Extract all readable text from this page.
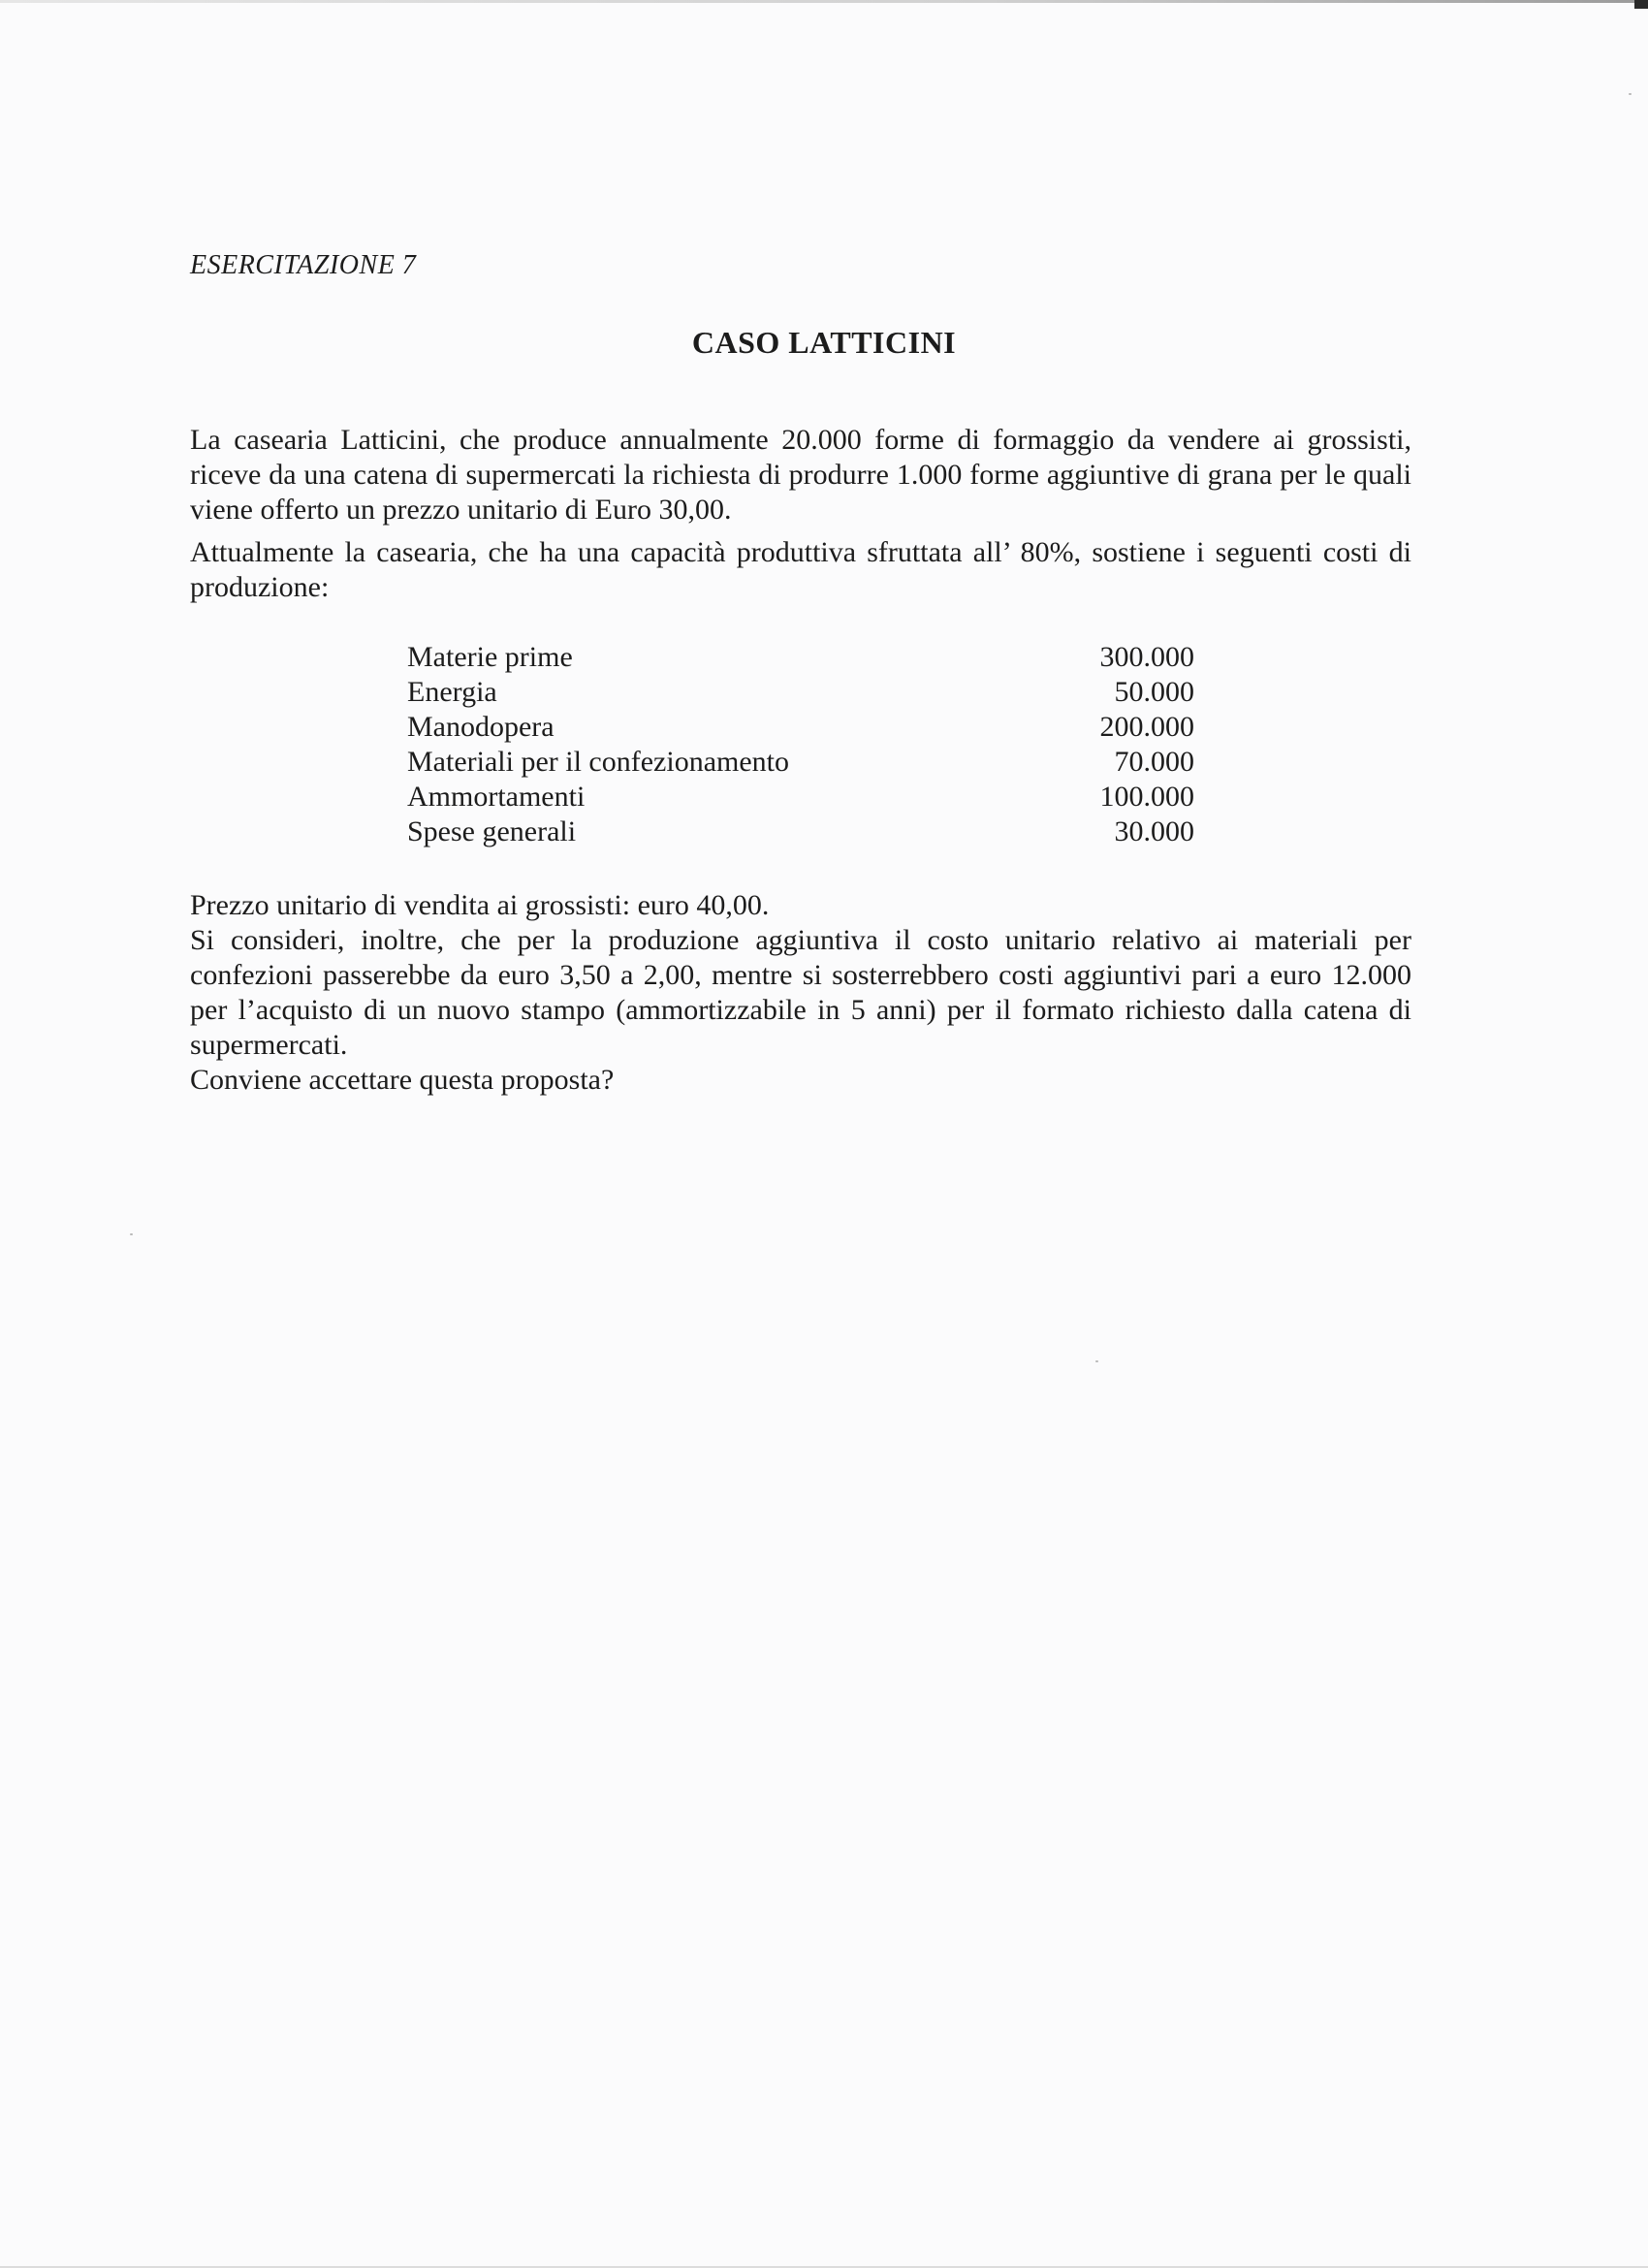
ESERCITAZIONE 7

CASO LATTICINI

La casearia Latticini, che produce annualmente 20.000 forme di formaggio da vendere ai grossisti, riceve da una catena di supermercati la richiesta di produrre 1.000 forme aggiuntive di grana per le quali viene offerto un prezzo unitario di Euro 30,00.

Attualmente la casearia, che ha una capacità produttiva sfruttata all’ 80%, sostiene i seguenti costi di produzione:

Materie prime	300.000
Energia	50.000
Manodopera	200.000
Materiali per il confezionamento	70.000
Ammortamenti	100.000
Spese generali	30.000

Prezzo unitario di vendita ai grossisti: euro 40,00.

Si consideri, inoltre, che per la produzione aggiuntiva il costo unitario relativo ai materiali per confezioni passerebbe da euro 3,50 a 2,00, mentre si sosterrebbero costi aggiuntivi pari a euro 12.000 per l’acquisto di un nuovo stampo (ammortizzabile in 5 anni) per il formato richiesto dalla catena di supermercati.

Conviene accettare questa proposta?
